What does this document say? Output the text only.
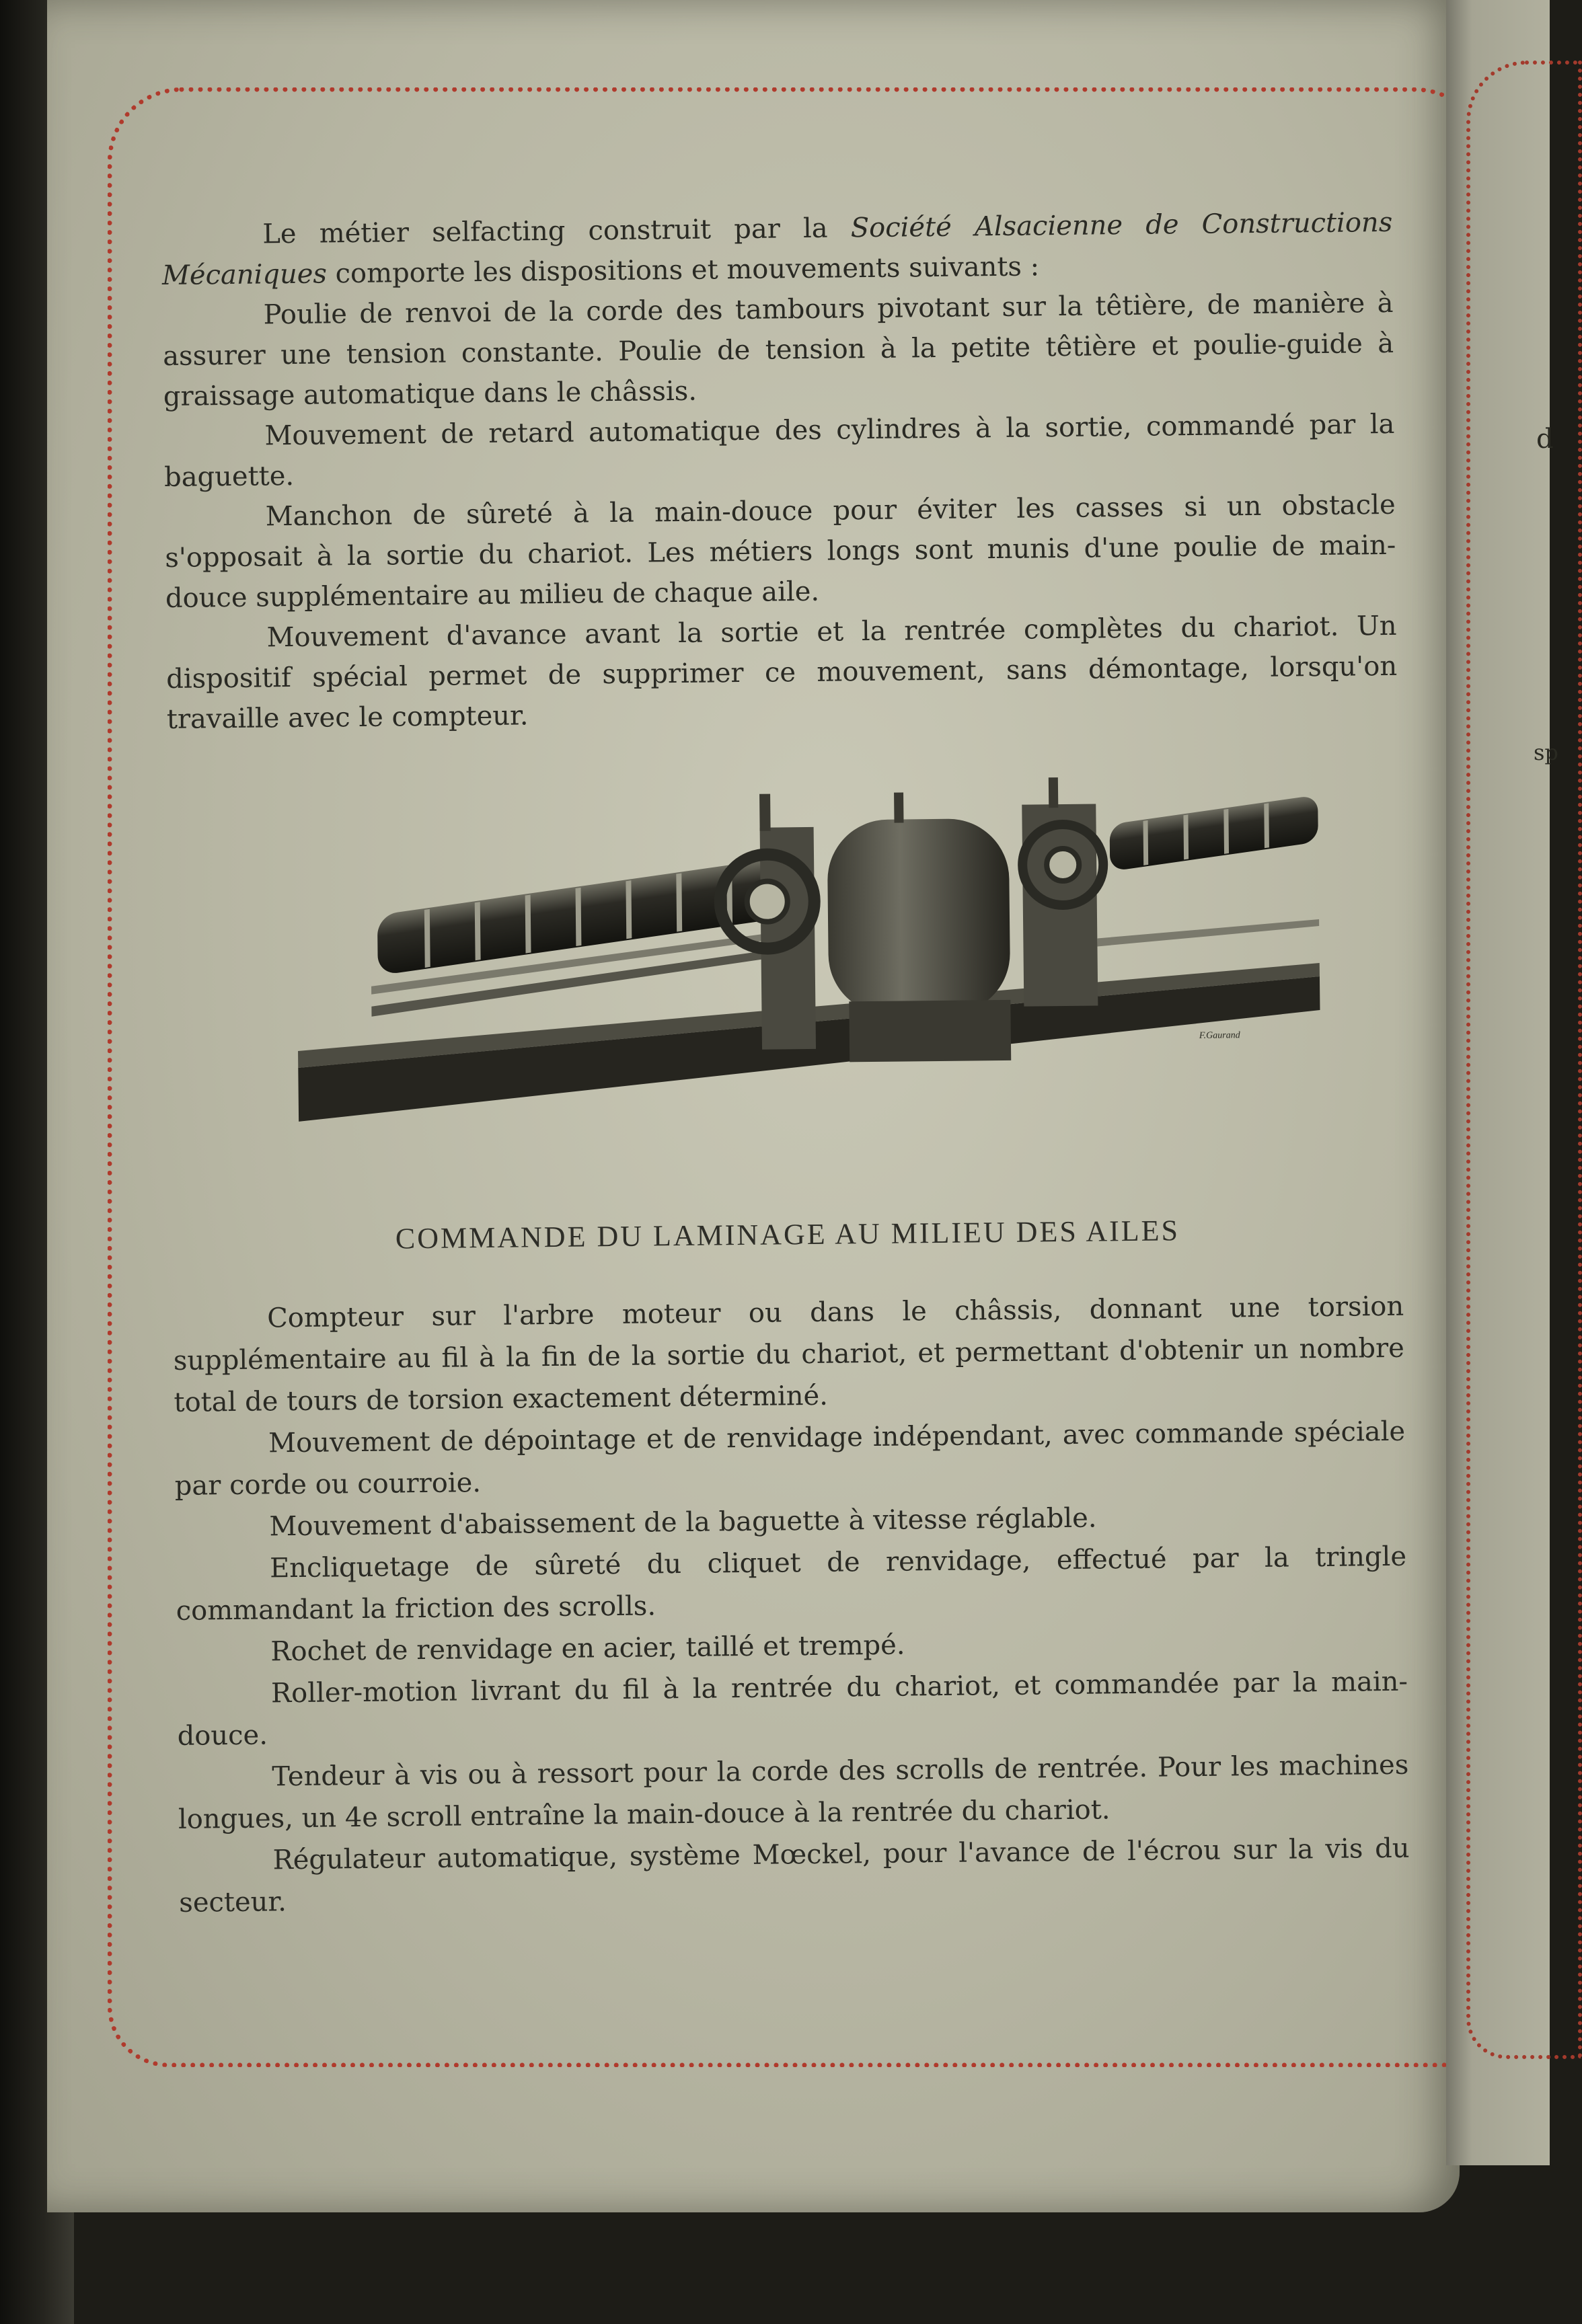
d
sp

Le métier selfacting construit par la Société Alsacienne de Constructions Mécaniques comporte les dispositions et mouvements suivants :

Poulie de renvoi de la corde des tambours pivotant sur la têtière, de manière à assurer une tension constante. Poulie de tension à la petite têtière et poulie-guide à graissage automatique dans le châssis.

Mouvement de retard automatique des cylindres à la sortie, commandé par la baguette.

Manchon de sûreté à la main-douce pour éviter les casses si un obstacle s'opposait à la sortie du chariot. Les métiers longs sont munis d'une poulie de main-douce supplémentaire au milieu de chaque aile.

Mouvement d'avance avant la sortie et la rentrée complètes du chariot. Un dispositif spécial permet de supprimer ce mouvement, sans démontage, lorsqu'on travaille avec le compteur.

F.Gaurand
COMMANDE DU LAMINAGE AU MILIEU DES AILES

Compteur sur l'arbre moteur ou dans le châssis, donnant une torsion supplémentaire au fil à la fin de la sortie du chariot, et permettant d'obtenir un nombre total de tours de torsion exactement déterminé.

Mouvement de dépointage et de renvidage indépendant, avec commande spéciale par corde ou courroie.

Mouvement d'abaissement de la baguette à vitesse réglable.

Encliquetage de sûreté du cliquet de renvidage, effectué par la tringle commandant la friction des scrolls.

Rochet de renvidage en acier, taillé et trempé.

Roller-motion livrant du fil à la rentrée du chariot, et commandée par la main-douce.

Tendeur à vis ou à ressort pour la corde des scrolls de rentrée. Pour les machines longues, un 4e scroll entraîne la main-douce à la rentrée du chariot.

Régulateur automatique, système Mœckel, pour l'avance de l'écrou sur la vis du secteur.
